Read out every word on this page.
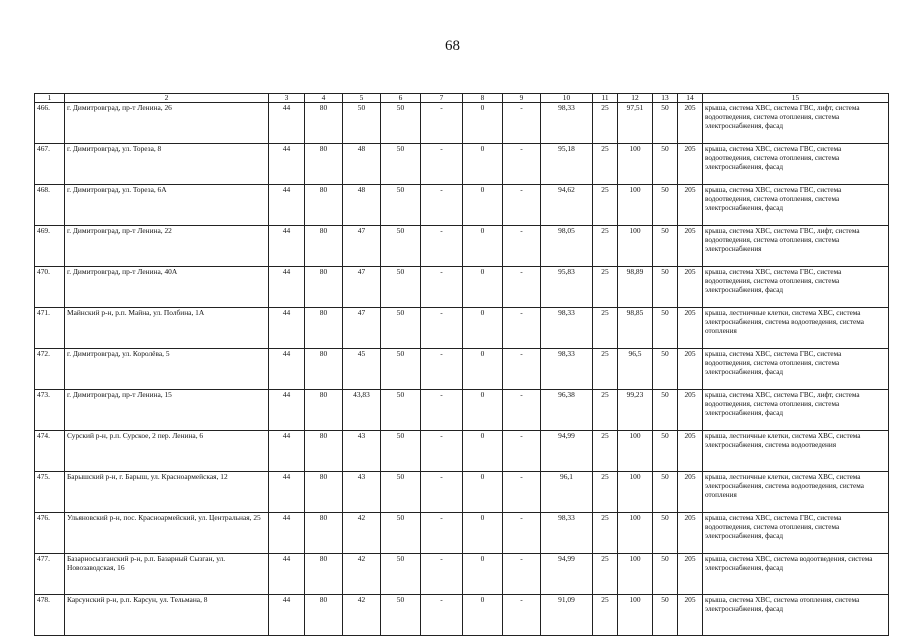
68
1	2	3	4	5	6	7	8	9	10	11	12	13	14	15
466.	г. Димитровград, пр-т Ленина, 26	44	80	50	50	-	0	-	98,33	25	97,51	50	205	крыша, система ХВС, система ГВС, лифт, система водоотведения, система отопления, система электроснабжения, фасад
467.	г. Димитровград, ул. Тореза, 8	44	80	48	50	-	0	-	95,18	25	100	50	205	крыша, система ХВС, система ГВС, система водоотведения, система отопления, система электроснабжения, фасад
468.	г. Димитровград, ул. Тореза, 6А	44	80	48	50	-	0	-	94,62	25	100	50	205	крыша, система ХВС, система ГВС, система водоотведения, система отопления, система электроснабжения, фасад
469.	г. Димитровград, пр-т Ленина, 22	44	80	47	50	-	0	-	98,05	25	100	50	205	крыша, система ХВС, система ГВС, лифт, система водоотведения, система отопления, система электроснабжения
470.	г. Димитровград, пр-т Ленина, 40А	44	80	47	50	-	0	-	95,83	25	98,89	50	205	крыша, система ХВС, система ГВС, система водоотведения, система отопления, система электроснабжения, фасад
471.	Майнский р-н, р.п. Майна, ул. Полбина, 1А	44	80	47	50	-	0	-	98,33	25	98,85	50	205	крыша, лестничные клетки, система ХВС, система электроснабжения, система водоотведения, система отопления
472.	г. Димитровград, ул. Королёва, 5	44	80	45	50	-	0	-	98,33	25	96,5	50	205	крыша, система ХВС, система ГВС, система водоотведения, система отопления, система электроснабжения, фасад
473.	г. Димитровград, пр-т Ленина, 15	44	80	43,83	50	-	0	-	96,38	25	99,23	50	205	крыша, система ХВС, система ГВС, лифт, система водоотведения, система отопления, система электроснабжения, фасад
474.	Сурский р-н, р.п. Сурское, 2 пер. Ленина, 6	44	80	43	50	-	0	-	94,99	25	100	50	205	крыша, лестничные клетки, система ХВС, система электроснабжения, система водоотведения
475.	Барышский р-н, г. Барыш, ул. Красноармейская, 12	44	80	43	50	-	0	-	96,1	25	100	50	205	крыша, лестничные клетки, система ХВС, система электроснабжения, система водоотведения, система отопления
476.	Ульяновский р-н, пос. Красноармейский, ул. Центральная, 25	44	80	42	50	-	0	-	98,33	25	100	50	205	крыша, система ХВС, система ГВС, система водоотведения, система отопления, система электроснабжения, фасад
477.	Базарносызганский р-н, р.п. Базарный Сызган, ул. Новозаводская, 16	44	80	42	50	-	0	-	94,99	25	100	50	205	крыша, система ХВС, система водоотведения, система электроснабжения, фасад
478.	Карсунский р-н, р.п. Карсун, ул. Тельмана, 8	44	80	42	50	-	0	-	91,09	25	100	50	205	крыша, система ХВС, система отопления, система электроснабжения, фасад
